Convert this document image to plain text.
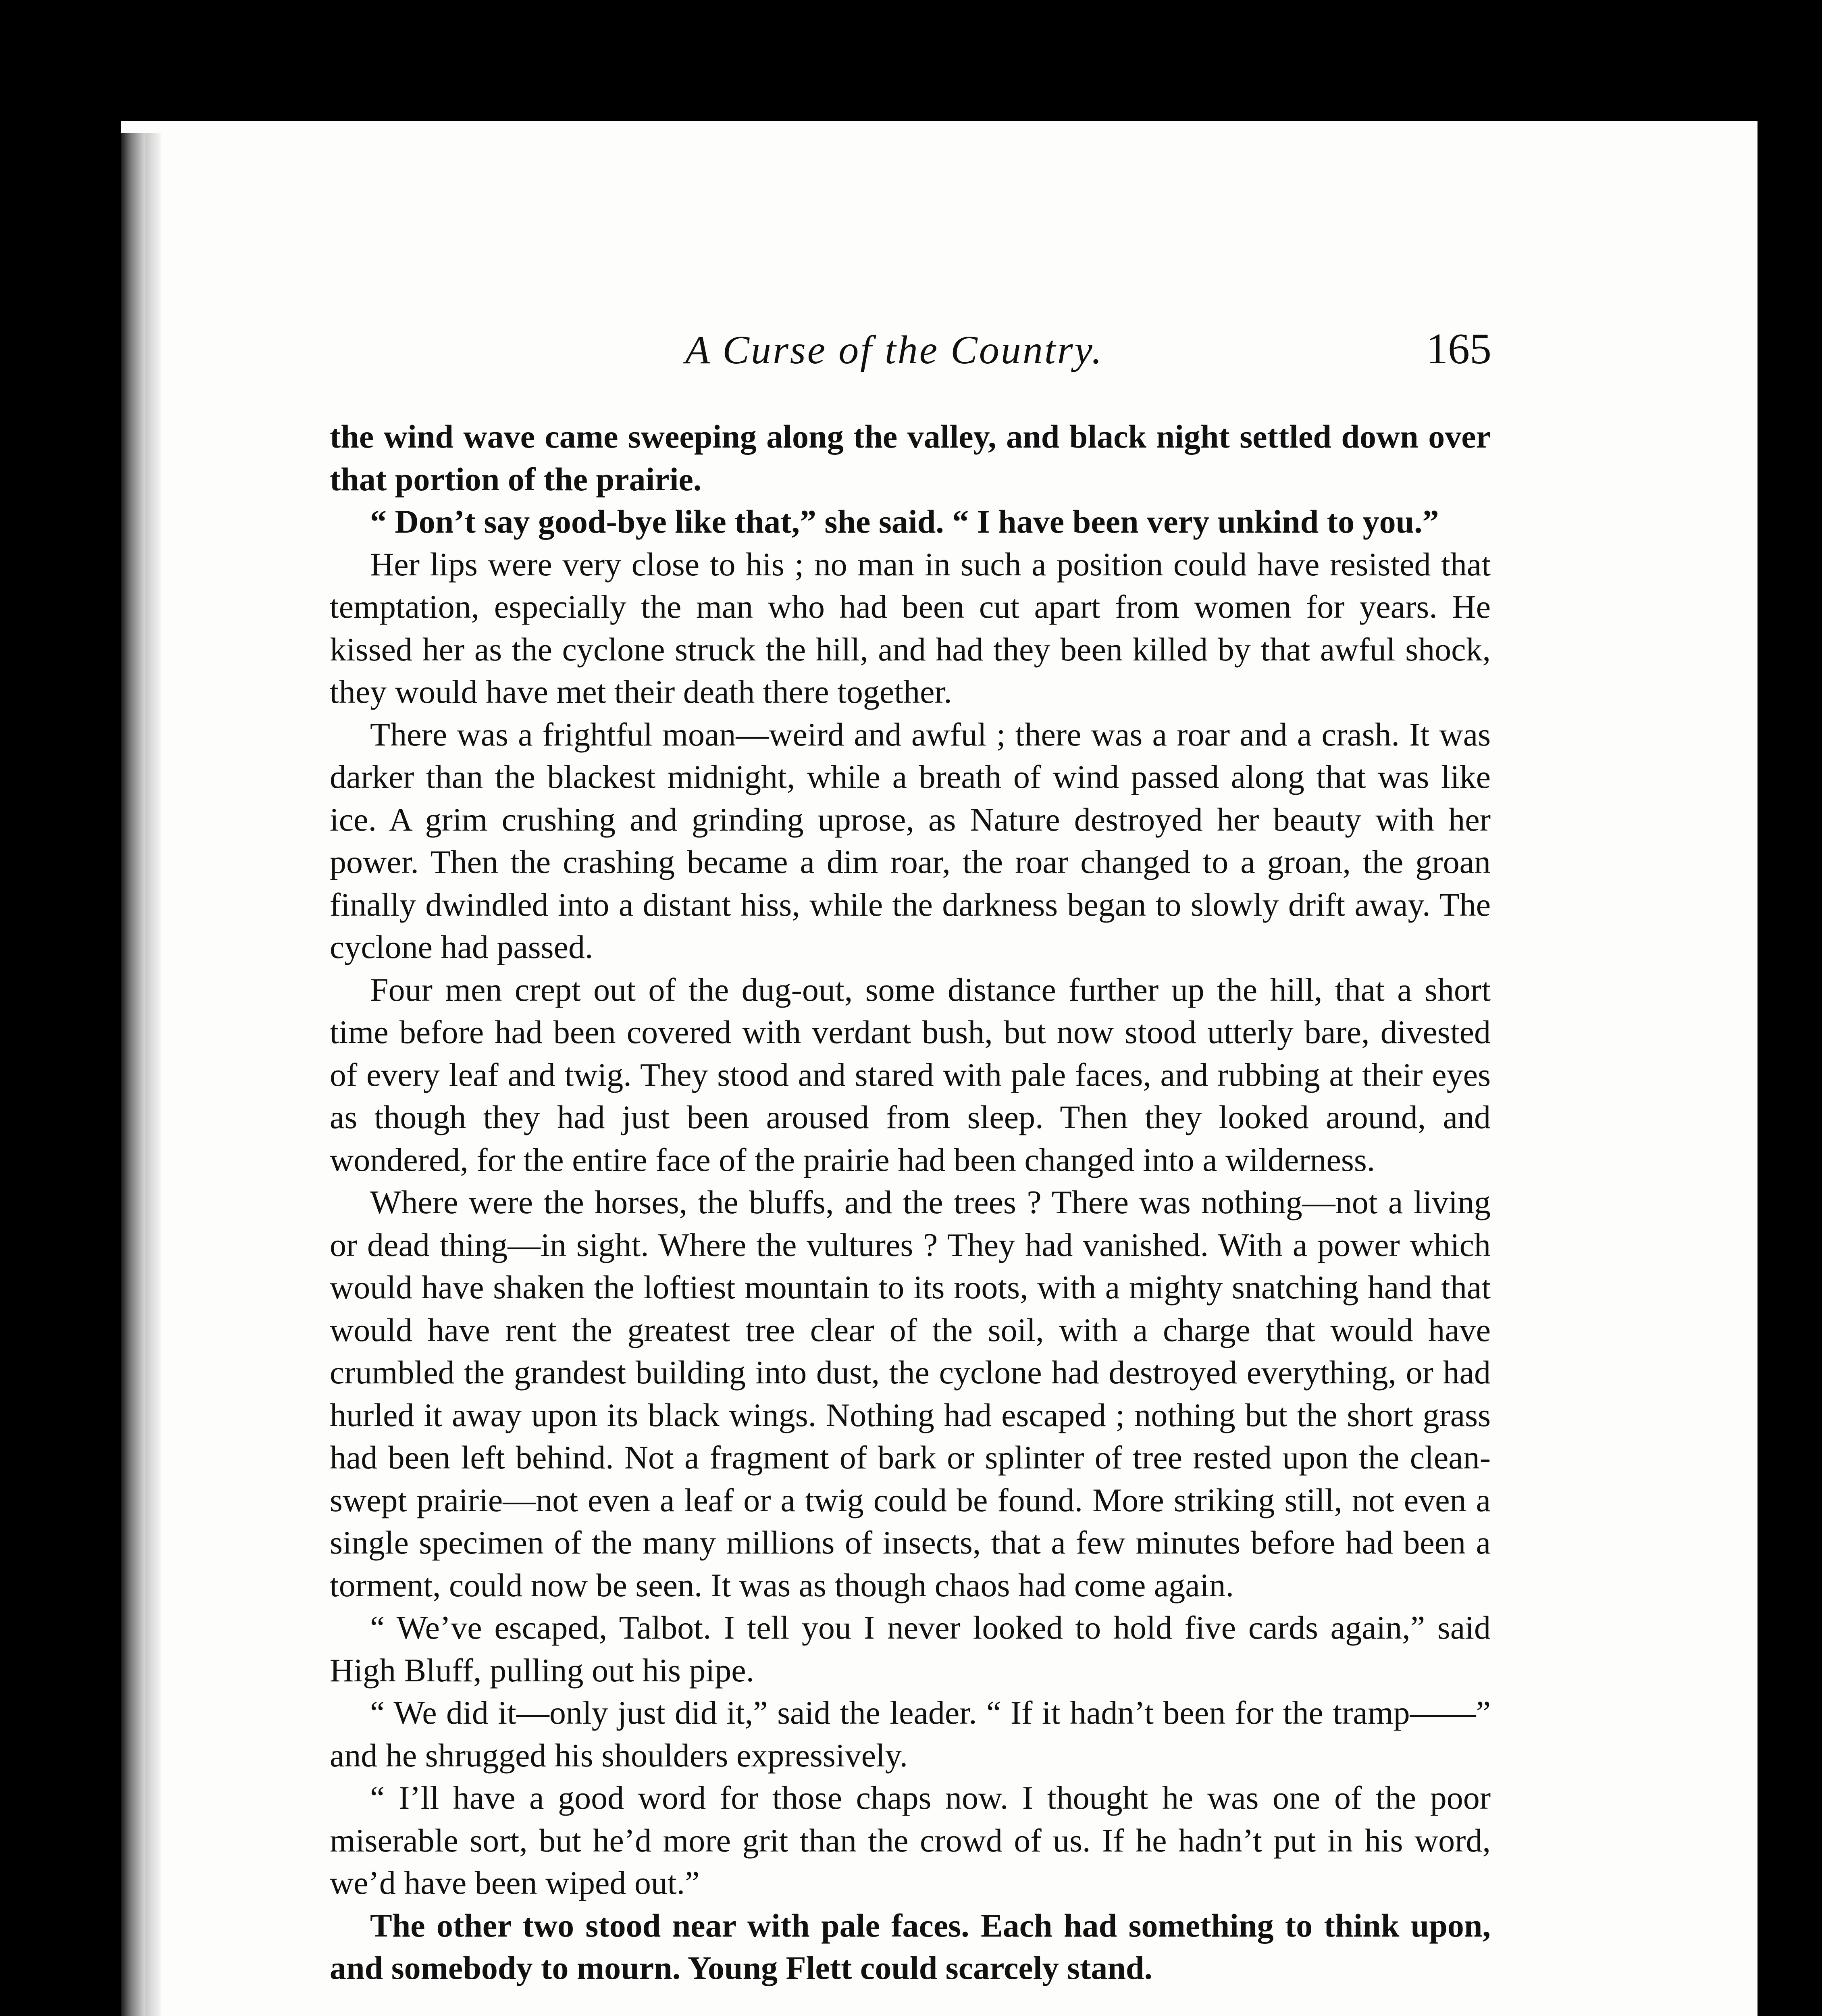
A Curse of the Country.	165

the wind wave came sweeping along the valley, and black night settled down over that portion of the prairie.

“ Don’t say good-bye like that,” she said. “ I have been very unkind to you.”

Her lips were very close to his ; no man in such a position could have resisted that temptation, especially the man who had been cut apart from women for years. He kissed her as the cyclone struck the hill, and had they been killed by that awful shock, they would have met their death there together.

There was a frightful moan—weird and awful ; there was a roar and a crash. It was darker than the blackest midnight, while a breath of wind passed along that was like ice. A grim crushing and grinding uprose, as Nature destroyed her beauty with her power. Then the crashing became a dim roar, the roar changed to a groan, the groan finally dwindled into a distant hiss, while the darkness began to slowly drift away. The cyclone had passed.

Four men crept out of the dug-out, some distance further up the hill, that a short time before had been covered with verdant bush, but now stood utterly bare, divested of every leaf and twig. They stood and stared with pale faces, and rubbing at their eyes as though they had just been aroused from sleep. Then they looked around, and wondered, for the entire face of the prairie had been changed into a wilderness.

Where were the horses, the bluffs, and the trees ? There was nothing—not a living or dead thing—in sight. Where the vultures ? They had vanished. With a power which would have shaken the loftiest mountain to its roots, with a mighty snatching hand that would have rent the greatest tree clear of the soil, with a charge that would have crumbled the grandest building into dust, the cyclone had destroyed everything, or had hurled it away upon its black wings. Nothing had escaped ; nothing but the short grass had been left behind. Not a fragment of bark or splinter of tree rested upon the clean-swept prairie—not even a leaf or a twig could be found. More striking still, not even a single specimen of the many millions of insects, that a few minutes before had been a torment, could now be seen. It was as though chaos had come again.

“ We’ve escaped, Talbot. I tell you I never looked to hold five cards again,” said High Bluff, pulling out his pipe.

“ We did it—only just did it,” said the leader. “ If it hadn’t been for the tramp——” and he shrugged his shoulders expressively.

“ I’ll have a good word for those chaps now. I thought he was one of the poor miserable sort, but he’d more grit than the crowd of us. If he hadn’t put in his word, we’d have been wiped out.”

The other two stood near with pale faces. Each had something to think upon, and somebody to mourn. Young Flett could scarcely stand.
